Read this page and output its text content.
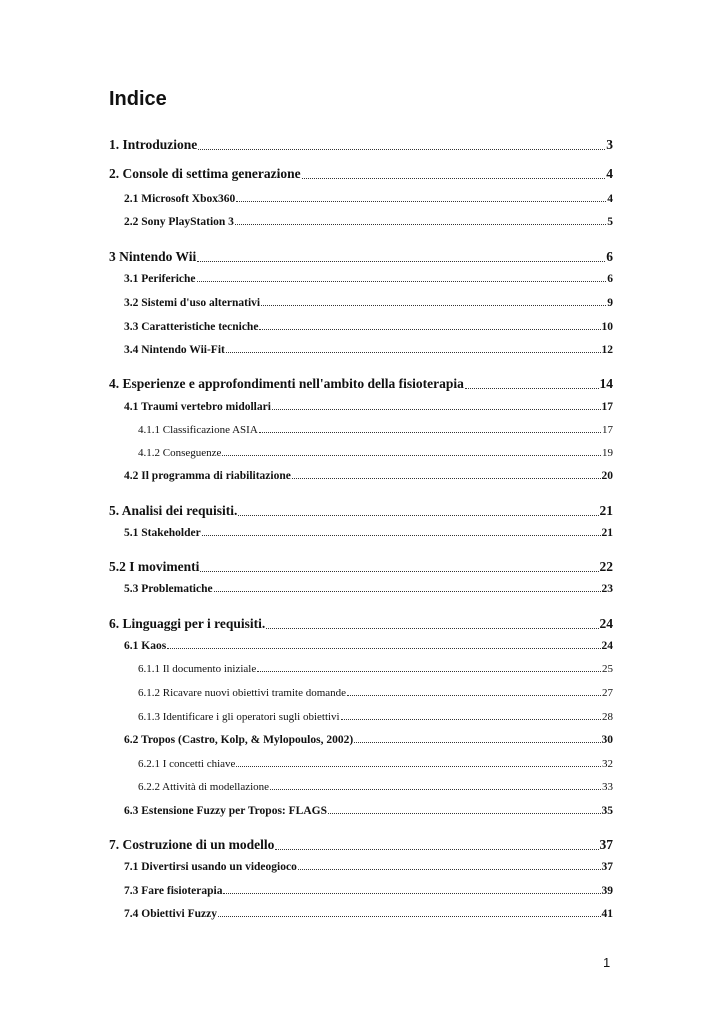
Indice
1. Introduzione	3
2. Console di settima generazione	4
2.1 Microsoft Xbox360	4
2.2 Sony PlayStation 3	5
3 Nintendo Wii	6
3.1 Periferiche	6
3.2 Sistemi d'uso alternativi	9
3.3 Caratteristiche tecniche	10
3.4 Nintendo Wii-Fit	12
4. Esperienze e approfondimenti nell'ambito della fisioterapia	14
4.1 Traumi vertebro midollari	17
4.1.1 Classificazione ASIA	17
4.1.2 Conseguenze	19
4.2 Il programma di riabilitazione	20
5. Analisi dei requisiti.	21
5.1 Stakeholder	21
5.2 I movimenti	22
5.3 Problematiche	23
6. Linguaggi per i requisiti.	24
6.1 Kaos	24
6.1.1 Il documento iniziale	25
6.1.2 Ricavare nuovi obiettivi tramite domande	27
6.1.3 Identificare i gli operatori sugli obiettivi	28
6.2 Tropos (Castro, Kolp, & Mylopoulos, 2002)	30
6.2.1 I concetti chiave	32
6.2.2 Attività di modellazione	33
6.3 Estensione Fuzzy per Tropos: FLAGS	35
7. Costruzione di un modello	37
7.1 Divertirsi usando un videogioco	37
7.3 Fare fisioterapia	39
7.4 Obiettivi Fuzzy	41
1
